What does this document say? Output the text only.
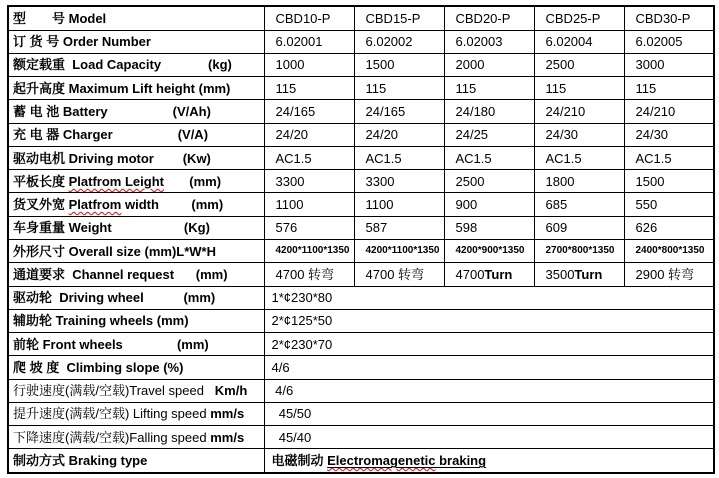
型　　号 Model	CBD10-P	CBD15-P	CBD20-P	CBD25-P	CBD30-P
订 货 号 Order Number	6.02001	6.02002	6.02003	6.02004	6.02005
额定载重  Load Capacity             (kg)	1000	1500	2000	2500	3000
起升高度 Maximum Lift height (mm)	115	115	115	115	115
蓄 电 池 Battery                  (V/Ah)	24/165	24/165	24/180	24/210	24/210
充 电 器 Charger                  (V/A)	24/20	24/20	24/25	24/30	24/30
驱动电机 Driving motor        (Kw)	AC1.5	AC1.5	AC1.5	AC1.5	AC1.5
平板长度 Platfrom Leight       (mm)	3300	3300	2500	1800	1500
货叉外宽 Platfrom width         (mm)	1100	1100	900	685	550
车身重量 Weight                    (Kg)	576	587	598	609	626
外形尺寸 Overall size (mm)L*W*H	4200*1100*1350	4200*1100*1350	4200*900*1350	2700*800*1350	2400*800*1350
通道要求  Channel request      (mm)	4700 转弯	4700 转弯	4700Turn	3500Turn	2900 转弯
驱动轮  Driving wheel           (mm)	1*¢230*80				
辅助轮 Training wheels (mm)	2*¢125*50				
前轮 Front wheels               (mm)	2*¢230*70				
爬 坡 度  Climbing slope (%)	4/6				
行驶速度(满载/空载)Travel speed   Km/h	4/6				
提升速度(满载/空载) Lifting speed mm/s	45/50				
下降速度(满载/空载)Falling speed mm/s	45/40				
制动方式 Braking type	电磁制动 Electromagenetic braking				
